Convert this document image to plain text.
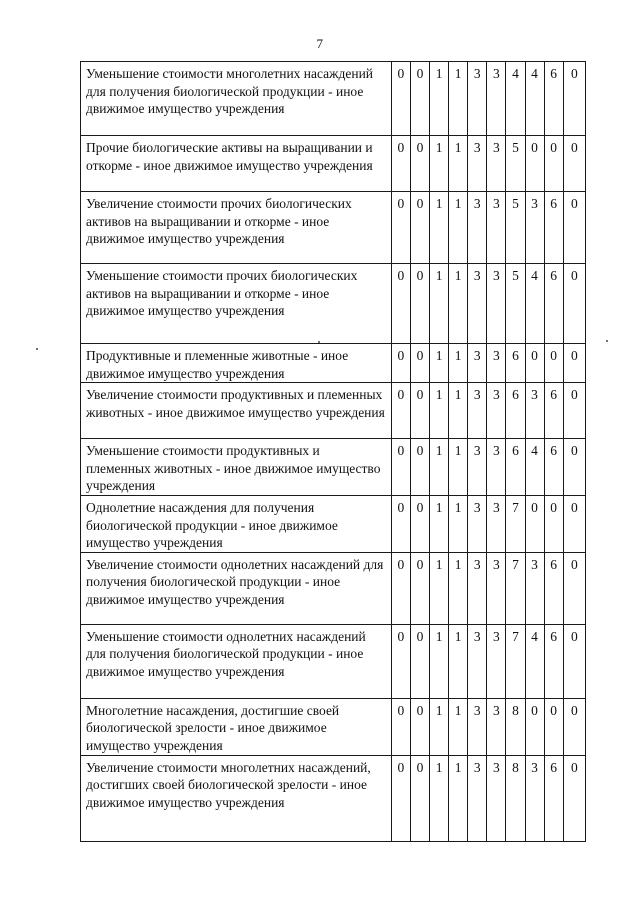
7
Уменьшение стоимости многолетних насаждений для получения биологической продукции - иное движимое имущество учреждения	0	0	1	1	3	3	4	4	6	0
Прочие биологические активы на выращивании и откорме - иное движимое имущество учреждения	0	0	1	1	3	3	5	0	0	0
Увеличение стоимости прочих биологических активов на выращивании и откорме - иное движимое имущество учреждения	0	0	1	1	3	3	5	3	6	0
Уменьшение стоимости прочих биологических активов на выращивании и откорме - иное движимое имущество учреждения	0	0	1	1	3	3	5	4	6	0
Продуктивные и племенные животные - иное движимое имущество учреждения	0	0	1	1	3	3	6	0	0	0
Увеличение стоимости продуктивных и племенных животных - иное движимое имущество учреждения	0	0	1	1	3	3	6	3	6	0
Уменьшение стоимости продуктивных и племенных животных - иное движимое имущество учреждения	0	0	1	1	3	3	6	4	6	0
Однолетние насаждения для получения биологической продукции - иное движимое имущество учреждения	0	0	1	1	3	3	7	0	0	0
Увеличение стоимости однолетних насаждений для получения биологической продукции - иное движимое имущество учреждения	0	0	1	1	3	3	7	3	6	0
Уменьшение стоимости однолетних насаждений для получения биологической продукции - иное движимое имущество учреждения	0	0	1	1	3	3	7	4	6	0
Многолетние насаждения, достигшие своей биологической зрелости - иное движимое имущество учреждения	0	0	1	1	3	3	8	0	0	0
Увеличение стоимости многолетних насаждений, достигших своей биологической зрелости - иное движимое имущество учреждения	0	0	1	1	3	3	8	3	6	0
